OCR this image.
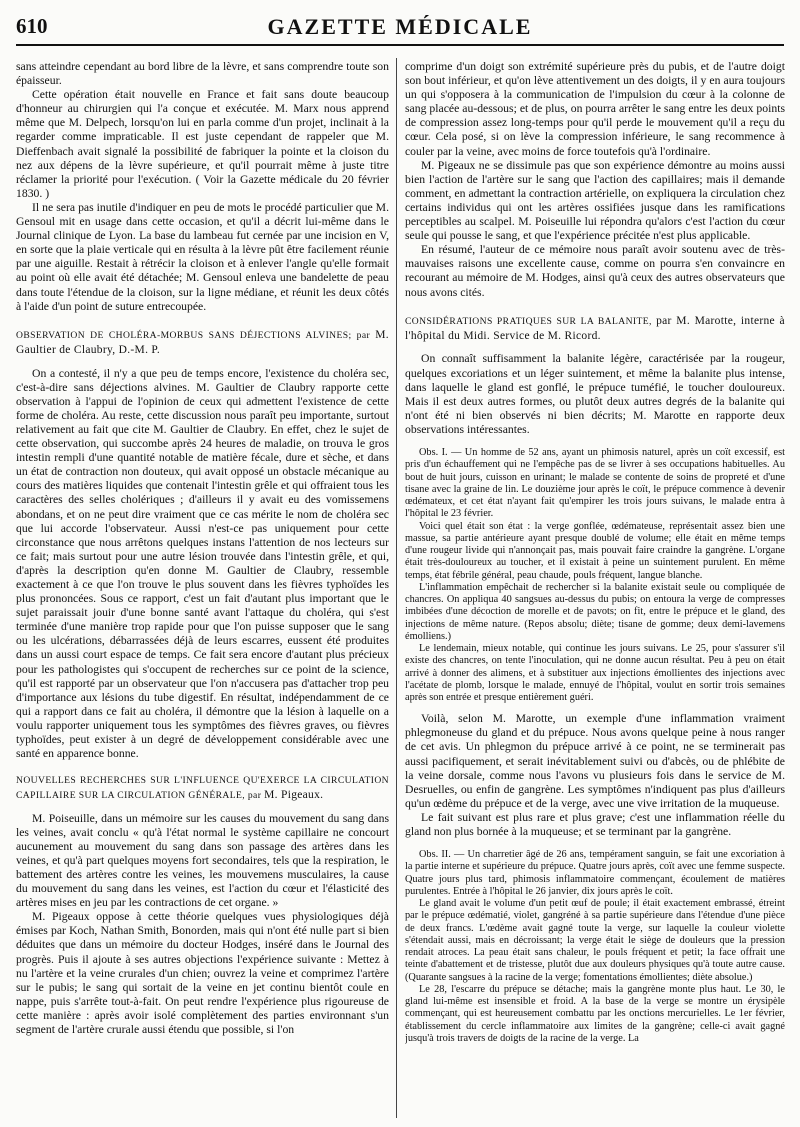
610	GAZETTE MÉDICALE

sans atteindre cependant au bord libre de la lèvre, et sans comprendre toute son épaisseur.

Cette opération était nouvelle en France et fait sans doute beaucoup d'honneur au chirurgien qui l'a conçue et exécutée. M. Marx nous apprend même que M. Delpech, lorsqu'on lui en parla comme d'un projet, inclinait à la regarder comme impraticable. Il est juste cependant de rappeler que M. Dieffenbach avait signalé la possibilité de fabriquer la pointe et la cloison du nez aux dépens de la lèvre supérieure, et qu'il pourrait même à juste titre réclamer la priorité pour l'exécution. ( Voir la Gazette médicale du 20 février 1830. )

Il ne sera pas inutile d'indiquer en peu de mots le procédé particulier que M. Gensoul mit en usage dans cette occasion, et qu'il a décrit lui-même dans le Journal clinique de Lyon. La base du lambeau fut cernée par une incision en V, en sorte que la plaie verticale qui en résulta à la lèvre pût être facilement réunie par une aiguille. Restait à rétrécir la cloison et à enlever l'angle qu'elle formait au point où elle avait été détachée; M. Gensoul enleva une bandelette de peau dans toute l'étendue de la cloison, sur la ligne médiane, et réunit les deux côtés à l'aide d'un point de suture entrecoupée.

OBSERVATION DE CHOLÉRA-MORBUS SANS DÉJECTIONS ALVINES; par M. Gaultier de Claubry, D.-M. P.

On a contesté, il n'y a que peu de temps encore, l'existence du choléra sec, c'est-à-dire sans déjections alvines. M. Gaultier de Claubry rapporte cette observation à l'appui de l'opinion de ceux qui admettent l'existence de cette forme de choléra. Au reste, cette discussion nous paraît peu importante, surtout relativement au fait que cite M. Gaultier de Claubry. En effet, chez le sujet de cette observation, qui succombe après 24 heures de maladie, on trouva le gros intestin rempli d'une quantité notable de matière fécale, dure et sèche, et dans un état de contraction non douteux, qui avait opposé un obstacle mécanique au cours des matières liquides que contenait l'intestin grêle et qui offraient tous les caractères des selles cholériques ; d'ailleurs il y avait eu des vomissemens abondans, et on ne peut dire vraiment que ce cas mérite le nom de choléra sec que lui accorde l'observateur. Aussi n'est-ce pas uniquement pour cette circonstance que nous arrêtons quelques instans l'attention de nos lecteurs sur ce fait; mais surtout pour une autre lésion trouvée dans l'intestin grêle, et qui, d'après la description qu'en donne M. Gaultier de Claubry, ressemble exactement à ce que l'on trouve le plus souvent dans les fièvres typhoïdes les plus prononcées. Sous ce rapport, c'est un fait d'autant plus important que le sujet paraissait jouir d'une bonne santé avant l'attaque du choléra, qui s'est terminée d'une manière trop rapide pour que l'on puisse supposer que le sang ou les ulcérations, débarrassées déjà de leurs escarres, eussent été produites dans un aussi court espace de temps. Ce fait sera encore d'autant plus précieux pour les pathologistes qui s'occupent de recherches sur ce point de la science, qu'il est rapporté par un observateur que l'on n'accusera pas d'attacher trop peu d'importance aux lésions du tube digestif. En résultat, indépendamment de ce qui a rapport dans ce fait au choléra, il démontre que la lésion à laquelle on a voulu rapporter uniquement tous les symptômes des fièvres graves, ou fièvres typhoïdes, peut exister à un degré de développement considérable avec une santé en apparence bonne.

NOUVELLES RECHERCHES SUR L'INFLUENCE QU'EXERCE LA CIRCULATION CAPILLAIRE SUR LA CIRCULATION GÉNÉRALE, par M. Pigeaux.

M. Poiseuille, dans un mémoire sur les causes du mouvement du sang dans les veines, avait conclu « qu'à l'état normal le système capillaire ne concourt aucunement au mouvement du sang dans son passage des artères dans les veines, et qu'à part quelques moyens fort secondaires, tels que la respiration, le battement des artères contre les veines, les mouvemens musculaires, la cause du mouvement du sang dans les veines, est l'action du cœur et l'élasticité des artères mises en jeu par les contractions de cet organe. »

M. Pigeaux oppose à cette théorie quelques vues physiologiques déjà émises par Koch, Nathan Smith, Bonorden, mais qui n'ont été nulle part si bien déduites que dans un mémoire du docteur Hodges, inséré dans le Journal des progrès. Puis il ajoute à ses autres objections l'expérience suivante : Mettez à nu l'artère et la veine crurales d'un chien; ouvrez la veine et comprimez l'artère sur le pubis; le sang qui sortait de la veine en jet continu bientôt coule en nappe, puis s'arrête tout-à-fait. On peut rendre l'expérience plus rigoureuse de cette manière : après avoir isolé complètement des parties environnant s'un segment de l'artère crurale aussi étendu que possible, si l'on

comprime d'un doigt son extrémité supérieure près du pubis, et de l'autre doigt son bout inférieur, et qu'on lève attentivement un des doigts, il y en aura toujours un qui s'opposera à la communication de l'impulsion du cœur à la colonne de sang placée au-dessous; et de plus, on pourra arrêter le sang entre les deux points de compression assez long-temps pour qu'il perde le mouvement qu'il a reçu du cœur. Cela posé, si on lève la compression inférieure, le sang recommence à couler par la veine, avec moins de force toutefois qu'à l'ordinaire.

M. Pigeaux ne se dissimule pas que son expérience démontre au moins aussi bien l'action de l'artère sur le sang que l'action des capillaires; mais il demande comment, en admettant la contraction artérielle, on expliquera la circulation chez certains individus qui ont les artères ossifiées jusque dans les ramifications perceptibles au scalpel. M. Poiseuille lui répondra qu'alors c'est l'action du cœur seule qui pousse le sang, et que l'expérience précitée n'est plus applicable.

En résumé, l'auteur de ce mémoire nous paraît avoir soutenu avec de très-mauvaises raisons une excellente cause, comme on pourra s'en convaincre en recourant au mémoire de M. Hodges, ainsi qu'à ceux des autres observateurs que nous avons cités.

CONSIDÉRATIONS PRATIQUES SUR LA BALANITE, par M. Marotte, interne à l'hôpital du Midi. Service de M. Ricord.

On connaît suffisamment la balanite légère, caractérisée par la rougeur, quelques excoriations et un léger suintement, et même la balanite plus intense, dans laquelle le gland est gonflé, le prépuce tuméfié, le toucher douloureux. Mais il est deux autres formes, ou plutôt deux autres degrés de la balanite qui n'ont été ni bien observés ni bien décrits; M. Marotte en rapporte deux observations intéressantes.

Obs. I. — Un homme de 52 ans, ayant un phimosis naturel, après un coït excessif, est pris d'un échauffement qui ne l'empêche pas de se livrer à ses occupations habituelles. Au bout de huit jours, cuisson en urinant; le malade se contente de soins de propreté et d'une tisane avec la graine de lin. Le douzième jour après le coït, le prépuce commence à devenir œdémateux, et cet état n'ayant fait qu'empirer les trois jours suivans, le malade entra à l'hôpital le 23 février.

Voici quel était son état : la verge gonflée, œdémateuse, représentait assez bien une massue, sa partie antérieure ayant presque doublé de volume; elle était en même temps d'une rougeur livide qui n'annonçait pas, mais pouvait faire craindre la gangrène. L'organe était très-douloureux au toucher, et il existait à peine un suintement purulent. En même temps, état fébrile général, peau chaude, pouls fréquent, langue blanche.

L'inflammation empêchait de rechercher si la balanite existait seule ou compliquée de chancres. On appliqua 40 sangsues au-dessus du pubis; on entoura la verge de compresses imbibées d'une décoction de morelle et de pavots; on fit, entre le prépuce et le gland, des injections de même nature. (Repos absolu; diète; tisane de gomme; deux demi-lavemens émolliens.)

Le lendemain, mieux notable, qui continue les jours suivans. Le 25, pour s'assurer s'il existe des chancres, on tente l'inoculation, qui ne donne aucun résultat. Peu à peu on était arrivé à donner des alimens, et à substituer aux injections émollientes des injections avec l'acétate de plomb, lorsque le malade, ennuyé de l'hôpital, voulut en sortir trois semaines après son entrée et presque entièrement guéri.

Voilà, selon M. Marotte, un exemple d'une inflammation vraiment phlegmoneuse du gland et du prépuce. Nous avons quelque peine à nous ranger de cet avis. Un phlegmon du prépuce arrivé à ce point, ne se terminerait pas aussi pacifiquement, et serait inévitablement suivi ou d'abcès, ou de phlébite de la veine dorsale, comme nous l'avons vu plusieurs fois dans le service de M. Desruelles, ou enfin de gangrène. Les symptômes n'indiquent pas plus d'ailleurs qu'un œdème du prépuce et de la verge, avec une vive irritation de la muqueuse.

Le fait suivant est plus rare et plus grave; c'est une inflammation réelle du gland non plus bornée à la muqueuse; et se terminant par la gangrène.

Obs. II. — Un charretier âgé de 26 ans, tempérament sanguin, se fait une excoriation à la partie interne et supérieure du prépuce. Quatre jours après, coït avec une femme suspecte. Quatre jours plus tard, phimosis inflammatoire commençant, écoulement de matières purulentes. Entrée à l'hôpital le 26 janvier, dix jours après le coït.

Le gland avait le volume d'un petit œuf de poule; il était exactement embrassé, étreint par le prépuce œdématié, violet, gangréné à sa partie supérieure dans l'étendue d'une pièce de deux francs. L'œdème avait gagné toute la verge, sur laquelle la couleur violette s'étendait aussi, mais en décroissant; la verge était le siège de douleurs que la pression rendait atroces. La peau était sans chaleur, le pouls fréquent et petit; la face offrait une teinte d'abattement et de tristesse, plutôt due aux douleurs physiques qu'à toute autre cause. (Quarante sangsues à la racine de la verge; fomentations émollientes; diète absolue.)

Le 28, l'escarre du prépuce se détache; mais la gangrène monte plus haut. Le 30, le gland lui-même est insensible et froid. A la base de la verge se montre un érysipèle commençant, qui est heureusement combattu par les onctions mercurielles. Le 1er février, établissement du cercle inflammatoire aux limites de la gangrène; celle-ci avait gagné jusqu'à trois travers de doigts de la racine de la verge. La
